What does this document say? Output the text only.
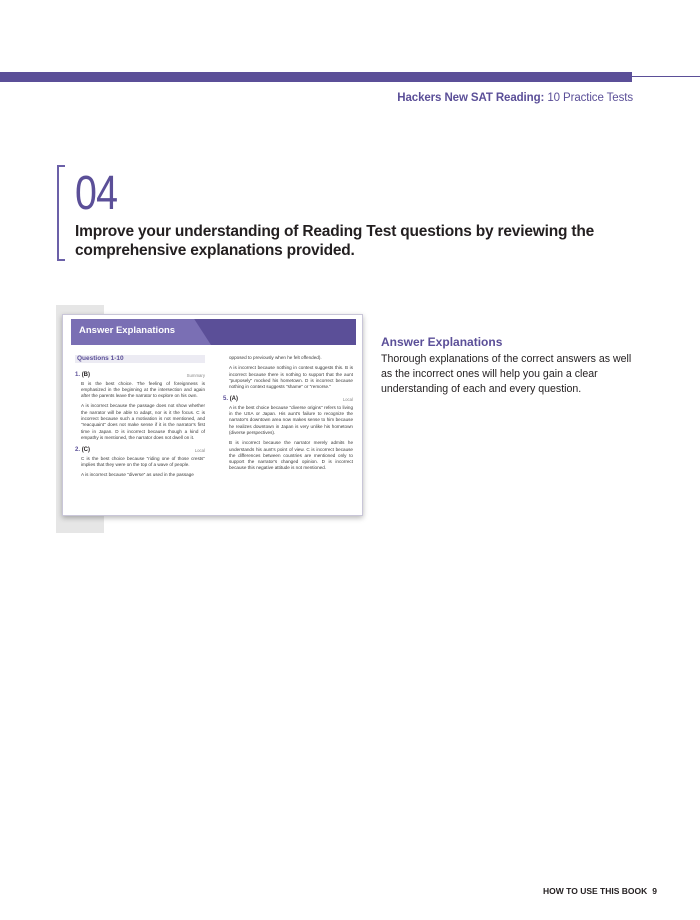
Hackers New SAT Reading: 10 Practice Tests
04
Improve your understanding of Reading Test questions by reviewing the comprehensive explanations provided.
Answer Explanations
Questions 1-10
1. (B)	Summary
B is the best choice. The feeling of foreignness is emphasized in the beginning at the intersection and again after the parents leave the narrator to explore on his own.
A is incorrect because the passage does not show whether the narrator will be able to adapt, nor is it the focus. C is incorrect because such a motivation is not mentioned, and "reacquaint" does not make sense if it is the narrator's first time in Japan. D is incorrect because though a kind of empathy is mentioned, the narrator does not dwell on it.
2. (C)	Local
C is the best choice because "riding one of those crests" implies that they were on the top of a wave of people.
A is incorrect because "diverse" as used in the passage
opposed to previously when he felt offended).
A is incorrect because nothing in context suggests this. B is incorrect because there is nothing to support that the aunt "purposely" mocked his hometown. D is incorrect because nothing in context suggests "shame" or "remorse."
5. (A)	Local
A is the best choice because "diverse origins" refers to living in the USA or Japan. His aunt's failure to recognize the narrator's downtown area now makes sense to him because he realizes downtown in Japan is very unlike his hometown (diverse perspectives).
B is incorrect because the narrator merely admits he understands his aunt's point of view. C is incorrect because the differences between countries are mentioned only to support the narrator's changed opinion. D is incorrect because this negative attitude is not mentioned.
Answer Explanations
Thorough explanations of the correct answers as well as the incorrect ones will help you gain a clear understanding of each and every question.
HOW TO USE THIS BOOK 9
